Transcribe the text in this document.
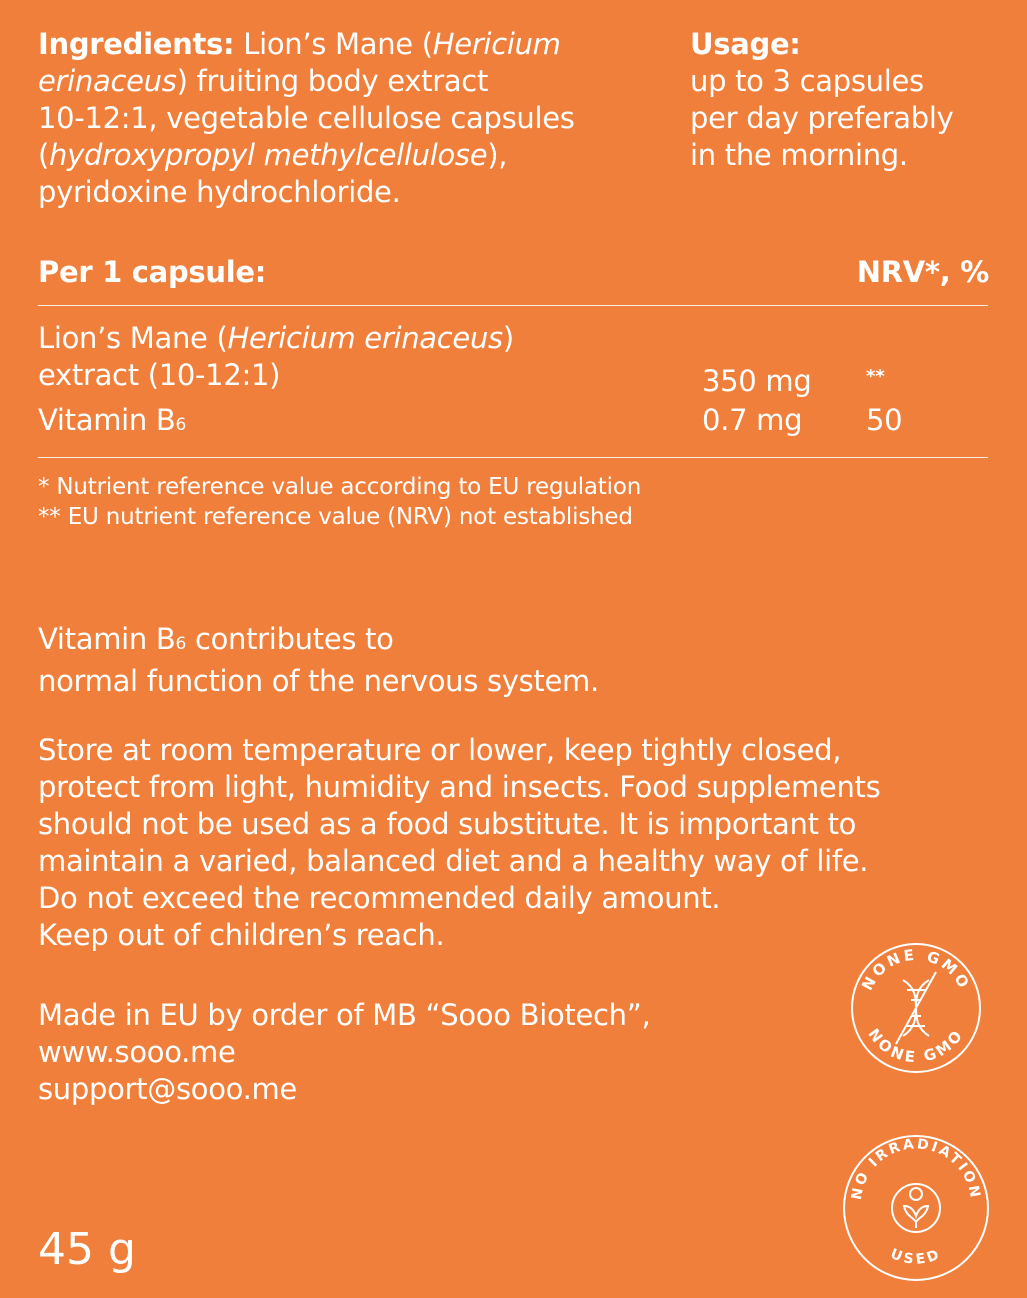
Ingredients: Lion’s Mane (Hericium
erinaceus) fruiting body extract
10-12:1, vegetable cellulose capsules
(hydroxypropyl methylcellulose),
pyridoxine hydrochloride.
Usage:
up to 3 capsules
per day preferably
in the morning.
Per 1 capsule:	NRV*, %
Lion’s Mane (Hericium erinaceus)
extract (10-12:1)	350 mg	**
Vitamin B6	0.7 mg 50
* Nutrient reference value according to EU regulation
** EU nutrient reference value (NRV) not established
Vitamin B6 contributes to
normal function of the nervous system.
Store at room temperature or lower, keep tightly closed,
protect from light, humidity and insects. Food supplements
should not be used as a food substitute. It is important to
maintain a varied, balanced diet and a healthy way of life.
Do not exceed the recommended daily amount.
Keep out of children’s reach.
Made in EU by order of MB “Sooo Biotech”,
www.sooo.me
support@sooo.me
45 g
NONE GMO
NONE GMO
NO IRRADIATION
USED
